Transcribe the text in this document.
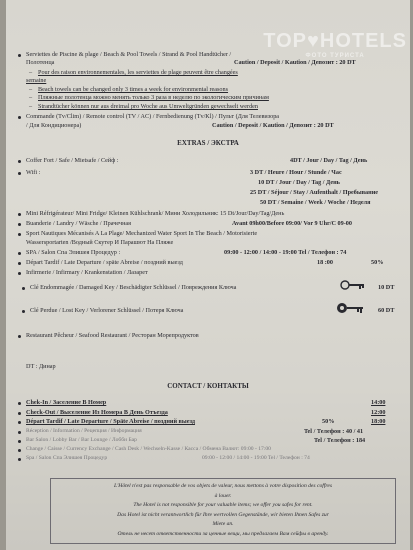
Serviettes de Piscine & plage / Beach & Pool Towels / Strand & Pool Handtücher /
Полотенца	Caution / Deposit / Kaution / Депозит : 20 DT
– Pour des raison environnementales, les serviettes de plage peuvent être changées
semaine
– Beach towels can be changed only 3 times a week for environmental reasons
– Пляжные полотенца можно менять только 3 раза в неделю по экологическим причинам
– Strandtücher können nur aus dreimal pro Woche aus Umweltgründen gewechselt werden
Commande (Tv/Clim) / Remote control (TV / AC) / Fernbedienung (Tv/Kl) / Пульт (Для Телевизора
/ Для Кондиционера)	Caution / Deposit / Kaution / Депозит : 20 DT
EXTRAS / ЭКСТРА
Coffer Fort / Safe / Mietsafe / Сейф :	4DT / Jour / Day / Tag / День
Wifi :	3 DT / Heure / Hour / Stunde / Час
10 DT / Jour / Day / Tag / День
25 DT / Séjour / Stay / Aufenthalt / Пребывание
50 DT / Semaine / Week / Woche / Неделя
Mini Réfrigérateur/ Mini Fridge/ Kleinen Kühlschrank/ Мини Холодильник: 15 Dt/Jour/Day/Tag/День
Buanderie / Landry / Wäsche / Прачечная	Avant 09h00/Before 09:00/ Vor 9 Uhr/С 09-00
Sport Nautiques Mécanisés A La Plage/ Mechanized Water Sport In The Beach / Motorisierte
Wassersportarten /Водный Скутер И Парашют На Пляже
SPA / Salon Спа Элишея Процедур :	09:00 - 12:00 / 14:00 - 19:00 Tel / Телефон : 74
Départ Tardif / Late Departure / späte Abreise / поздний выезд	18 :00	50%
Infirmerie / Infirmary / Krankenstation / Лазарет
Clé Endommagée / Damaged Key / Beschädigter Schlüssel / Повреждения Ключа	10 DT
Clé Perdue / Lost Key / Verlorener Schlüssel / Потеря Ключа	60 DT
Restaurant Pêcheur / Seafood Restaurant / Ресторан Морепродуктов
DT : Динар
CONTACT / КОНТАКТЫ
Chek-In / Заселение В Номер	14:00
Check-Out / Выселение Из Номера В День Отъезда	12:00
Départ Tardif / Late Departure / Späte Abreise / поздний выезд	50%	18:00
Réception / Information / Рецепция / Информация	Tel / Телефон : 40 / 41
Bar Salon / Lobby Bar / Bar Lounge / Лобби Бар	Tel / Телефон : 184
Change / Caisse / Currency Exchange / Cash Desk / Wechseln-Kasse / Касса / Обмена Валют: 09:00 - 17:00
Spa / Salon Спа Элишея Процедур	09:00 - 12:00 / 14:00 - 19:00 Tel / Телефон : 74
L'Hôtel n'est pas responsable de vos objets de valeur, nous mettons à votre disposition des coffres
à louer.
The Hotel is not responsible for your valuable items; we offer you safes for rent.
Das Hotel ist nicht verantwortlich für Ihre wertvollen Gegenstände, wir bieten Ihnen Safes zur
Miete an.
Отель не несет ответственности за ценные вещи, мы предлагаем Вам сейфы в аренду.
TOP♥HOTELS
ФОТО ТУРИСТА
